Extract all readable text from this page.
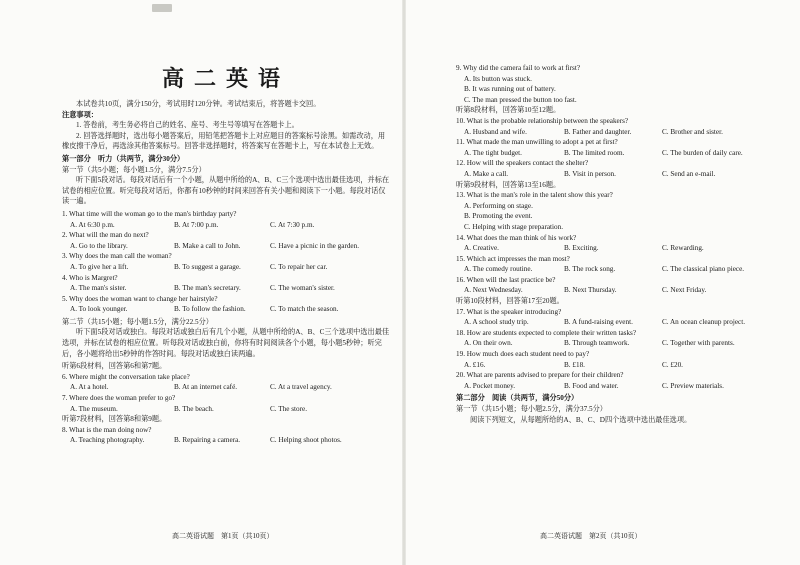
高二英语

本试卷共10页，满分150分，考试用时120分钟。考试结束后，将答题卡交回。

注意事项：

1. 答卷前，考生务必将自己的姓名、座号、考生号等填写在答题卡上。

2. 回答选择题时，选出每小题答案后，用铅笔把答题卡上对应题目的答案标号涂黑。如需改动，用橡皮擦干净后，再选涂其他答案标号。回答非选择题时，将答案写在答题卡上，写在本试卷上无效。

第一部分　听力（共两节，满分30分）

第一节（共5小题；每小题1.5分，满分7.5分）

听下面5段对话。每段对话后有一个小题，从题中所给的A、B、C三个选项中选出最佳选项，并标在试卷的相应位置。听完每段对话后，你都有10秒钟的时间来回答有关小题和阅读下一小题。每段对话仅读一遍。

1. What time will the woman go to the man's birthday party?

A. At 6:30 p.m.	B. At 7:00 p.m.	C. At 7:30 p.m.

2. What will the man do next?

A. Go to the library.	B. Make a call to John.	C. Have a picnic in the garden.

3. Why does the man call the woman?

A. To give her a lift.	B. To suggest a garage.	C. To repair her car.

4. Who is Margret?

A. The man's sister.	B. The man's secretary.	C. The woman's sister.

5. Why does the woman want to change her hairstyle?

A. To look younger.	B. To follow the fashion.	C. To match the season.

第二节（共15小题；每小题1.5分，满分22.5分）

听下面5段对话或独白。每段对话或独白后有几个小题，从题中所给的A、B、C三个选项中选出最佳选项，并标在试卷的相应位置。听每段对话或独白前，你将有时间阅读各个小题，每小题5秒钟；听完后，各小题将给出5秒钟的作答时间。每段对话或独白读两遍。

听第6段材料，回答第6和第7题。

6. Where might the conversation take place?

A. At a hotel.	B. At an internet café.	C. At a travel agency.

7. Where does the woman prefer to go?

A. The museum.	B. The beach.	C. The store.

听第7段材料，回答第8和第9题。

8. What is the man doing now?

A. Teaching photography.	B. Repairing a camera.	C. Helping shoot photos.
高二英语试题　第1页（共10页）

9. Why did the camera fail to work at first?

A. Its button was stuck.

B. It was running out of battery.

C. The man pressed the button too fast.

听第8段材料，回答第10至12题。

10. What is the probable relationship between the speakers?

A. Husband and wife.	B. Father and daughter.	C. Brother and sister.

11. What made the man unwilling to adopt a pet at first?

A. The tight budget.	B. The limited room.	C. The burden of daily care.

12. How will the speakers contact the shelter?

A. Make a call.	B. Visit in person.	C. Send an e-mail.

听第9段材料，回答第13至16题。

13. What is the man's role in the talent show this year?

A. Performing on stage.

B. Promoting the event.

C. Helping with stage preparation.

14. What does the man think of his work?

A. Creative.	B. Exciting.	C. Rewarding.

15. Which act impresses the man most?

A. The comedy routine.	B. The rock song.	C. The classical piano piece.

16. When will the last practice be?

A. Next Wednesday.	B. Next Thursday.	C. Next Friday.

听第10段材料，回答第17至20题。

17. What is the speaker introducing?

A. A school study trip.	B. A fund-raising event.	C. An ocean cleanup project.

18. How are students expected to complete their written tasks?

A. On their own.	B. Through teamwork.	C. Together with parents.

19. How much does each student need to pay?

A. £16.	B. £18.	C. £20.

20. What are parents advised to prepare for their children?

A. Pocket money.	B. Food and water.	C. Preview materials.

第二部分　阅读（共两节，满分50分）

第一节（共15小题；每小题2.5分，满分37.5分）

阅读下列短文，从每题所给的A、B、C、D四个选项中选出最佳选项。

高二英语试题　第2页（共10页）
